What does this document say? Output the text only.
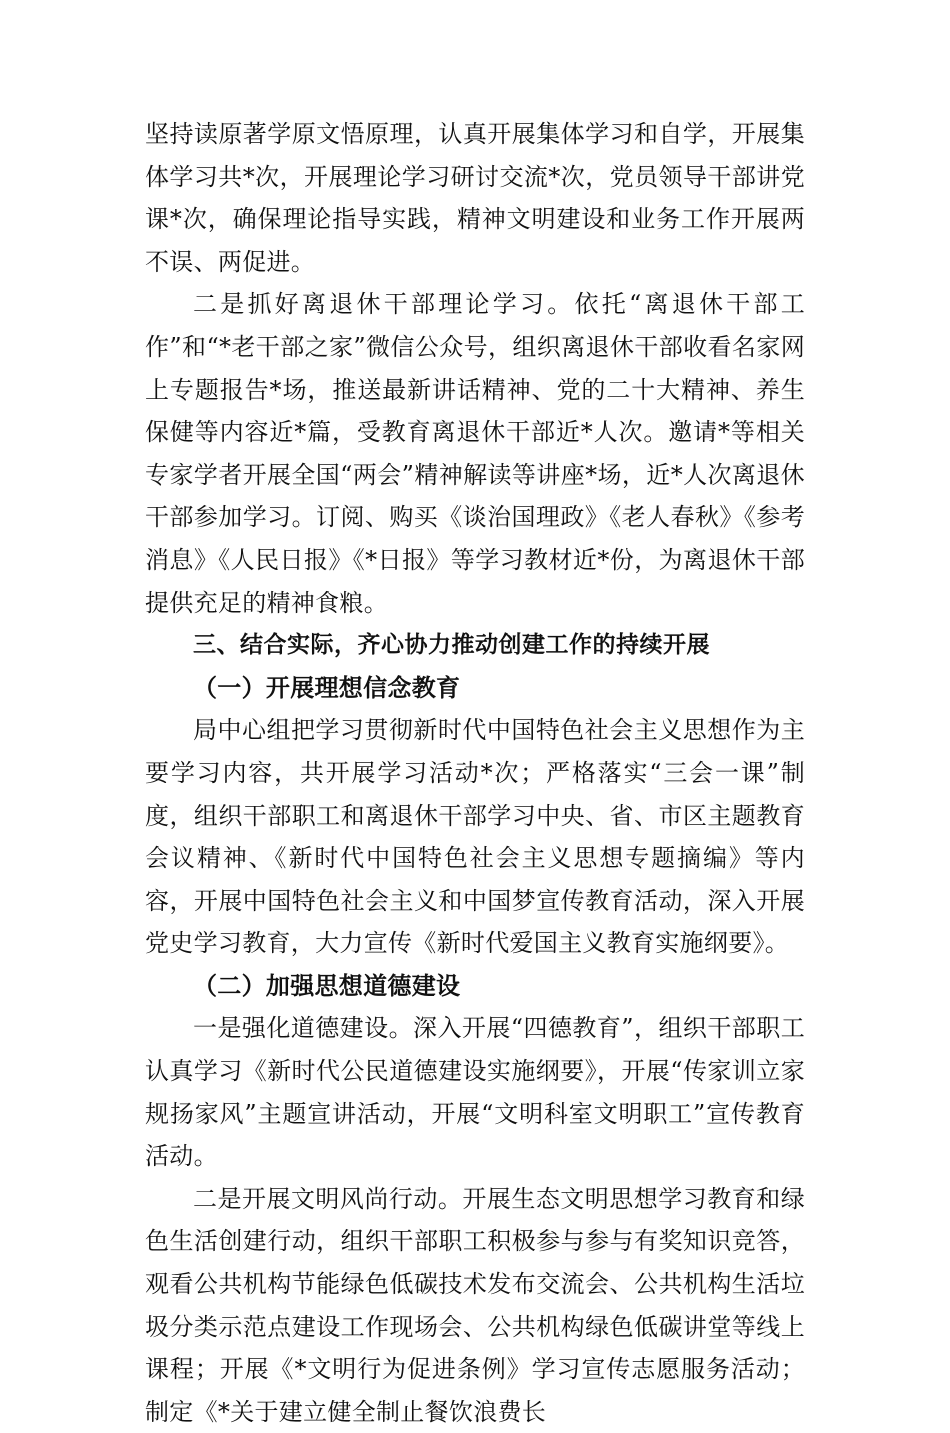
坚持读原著学原文悟原理，认真开展集体学习和自学，开展集体学习共*次，开展理论学习研讨交流*次，党员领导干部讲党课*次，确保理论指导实践，精神文明建设和业务工作开展两不误、两促进。

二是抓好离退休干部理论学习。依托“离退休干部工作”和“*老干部之家”微信公众号，组织离退休干部收看名家网上专题报告*场，推送最新讲话精神、党的二十大精神、养生保健等内容近*篇，受教育离退休干部近*人次。邀请*等相关专家学者开展全国“两会”精神解读等讲座*场，近*人次离退休干部参加学习。订阅、购买《谈治国理政》《老人春秋》《参考消息》《人民日报》《*日报》等学习教材近*份，为离退休干部提供充足的精神食粮。

三、结合实际，齐心协力推动创建工作的持续开展

（一）开展理想信念教育

局中心组把学习贯彻新时代中国特色社会主义思想作为主要学习内容，共开展学习活动*次；严格落实“三会一课”制度，组织干部职工和离退休干部学习中央、省、市区主题教育会议精神、《新时代中国特色社会主义思想专题摘编》等内容，开展中国特色社会主义和中国梦宣传教育活动，深入开展党史学习教育，大力宣传《新时代爱国主义教育实施纲要》。

（二）加强思想道德建设

一是强化道德建设。深入开展“四德教育”，组织干部职工认真学习《新时代公民道德建设实施纲要》，开展“传家训立家规扬家风”主题宣讲活动，开展“文明科室文明职工”宣传教育活动。

二是开展文明风尚行动。开展生态文明思想学习教育和绿色生活创建行动，组织干部职工积极参与参与有奖知识竞答，观看公共机构节能绿色低碳技术发布交流会、公共机构生活垃圾分类示范点建设工作现场会、公共机构绿色低碳讲堂等线上课程；开展《*文明行为促进条例》学习宣传志愿服务活动；制定《*关于建立健全制止餐饮浪费长
